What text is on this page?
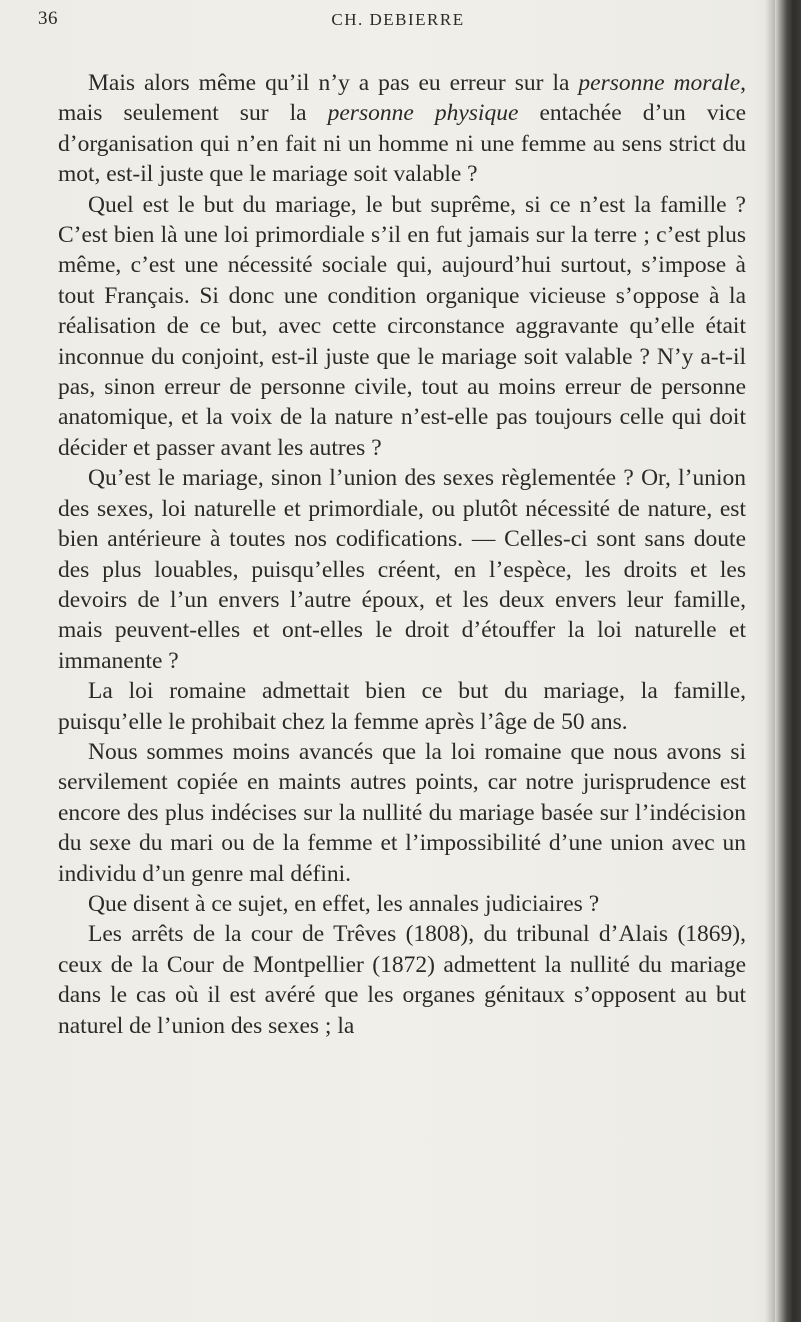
36	CH. DEBIERRE

Mais alors même qu’il n’y a pas eu erreur sur la personne morale, mais seulement sur la personne physique entachée d’un vice d’organisation qui n’en fait ni un homme ni une femme au sens strict du mot, est-il juste que le mariage soit valable ?

Quel est le but du mariage, le but suprême, si ce n’est la famille ? C’est bien là une loi primordiale s’il en fut jamais sur la terre ; c’est plus même, c’est une nécessité sociale qui, aujourd’hui surtout, s’impose à tout Français. Si donc une condition organique vicieuse s’oppose à la réalisation de ce but, avec cette circonstance aggravante qu’elle était inconnue du conjoint, est-il juste que le mariage soit valable ? N’y a-t-il pas, sinon erreur de personne civile, tout au moins erreur de personne anatomique, et la voix de la nature n’est-elle pas toujours celle qui doit décider et passer avant les autres ?

Qu’est le mariage, sinon l’union des sexes règlementée ? Or, l’union des sexes, loi naturelle et primordiale, ou plutôt nécessité de nature, est bien antérieure à toutes nos codifications. — Celles-ci sont sans doute des plus louables, puisqu’elles créent, en l’espèce, les droits et les devoirs de l’un envers l’autre époux, et les deux envers leur famille, mais peuvent-elles et ont-elles le droit d’étouffer la loi naturelle et immanente ?

La loi romaine admettait bien ce but du mariage, la famille, puisqu’elle le prohibait chez la femme après l’âge de 50 ans.

Nous sommes moins avancés que la loi romaine que nous avons si servilement copiée en maints autres points, car notre jurisprudence est encore des plus indécises sur la nullité du mariage basée sur l’indécision du sexe du mari ou de la femme et l’impossibilité d’une union avec un individu d’un genre mal défini.

Que disent à ce sujet, en effet, les annales judiciaires ?

Les arrêts de la cour de Trêves (1808), du tribunal d’Alais (1869), ceux de la Cour de Montpellier (1872) admettent la nullité du mariage dans le cas où il est avéré que les organes génitaux s’opposent au but naturel de l’union des sexes ; la
